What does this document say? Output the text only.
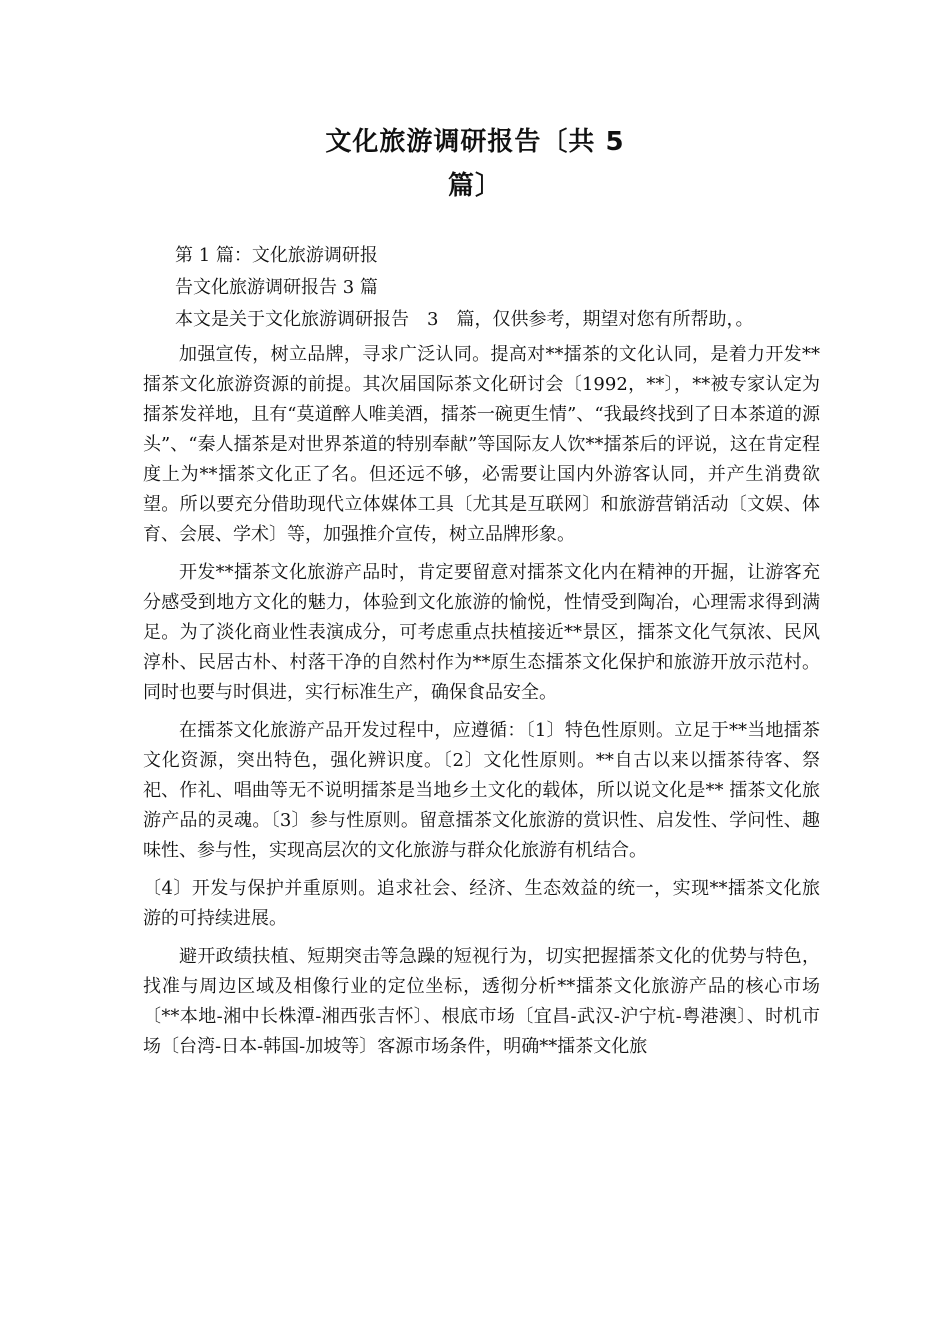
文化旅游调研报告〔共 5
篇〕
第 1 篇：文化旅游调研报
告文化旅游调研报告 3 篇
本文是关于文化旅游调研报告　3　篇，仅供参考，期望对您有所帮助，。

加强宣传，树立品牌，寻求广泛认同。提高对**擂茶的文化认同，是着力开发**擂茶文化旅游资源的前提。其次届国际茶文化研讨会〔1992，**〕，**被专家认定为擂茶发祥地，且有“莫道醉人唯美酒，擂茶一碗更生情”、“我最终找到了日本茶道的源头”、“秦人擂茶是对世界茶道的特别奉献”等国际友人饮**擂茶后的评说，这在肯定程度上为**擂茶文化正了名。但还远不够，必需要让国内外游客认同，并产生消费欲望。所以要充分借助现代立体媒体工具〔尤其是互联网〕和旅游营销活动〔文娱、体育、会展、学术〕等，加强推介宣传，树立品牌形象。

开发**擂茶文化旅游产品时，肯定要留意对擂茶文化内在精神的开掘，让游客充分感受到地方文化的魅力，体验到文化旅游的愉悦，性情受到陶冶，心理需求得到满足。为了淡化商业性表演成分，可考虑重点扶植接近**景区，擂茶文化气氛浓、民风淳朴、民居古朴、村落干净的自然村作为**原生态擂茶文化保护和旅游开放示范村。同时也要与时俱进，实行标准生产，确保食品安全。

在擂茶文化旅游产品开发过程中，应遵循：〔1〕特色性原则。立足于**当地擂茶文化资源，突出特色，强化辨识度。〔2〕文化性原则。**自古以来以擂茶待客、祭祀、作礼、唱曲等无不说明擂茶是当地乡土文化的载体，所以说文化是** 擂茶文化旅游产品的灵魂。〔3〕参与性原则。留意擂茶文化旅游的赏识性、启发性、学问性、趣味性、参与性，实现高层次的文化旅游与群众化旅游有机结合。

〔4〕开发与保护并重原则。追求社会、经济、生态效益的统一，实现**擂茶文化旅游的可持续进展。

避开政绩扶植、短期突击等急躁的短视行为，切实把握擂茶文化的优势与特色，找准与周边区域及相像行业的定位坐标，透彻分析**擂茶文化旅游产品的核心市场〔**本地-湘中长株潭-湘西张吉怀〕、根底市场〔宜昌-武汉-沪宁杭-粤港澳〕、时机市场〔台湾-日本-韩国-加坡等〕客源市场条件，明确**擂茶文化旅
